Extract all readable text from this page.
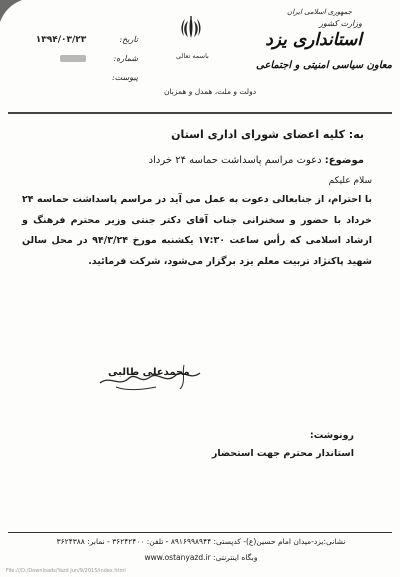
جمهوری اسلامی ایران
وزارت کشور
استانداری یزد
معاون سیاسی امنیتی و اجتماعی
باسمه تعالی
دولت و ملت، همدل و همزبان
تاریخ:
۱۳۹۴/۰۳/۲۳
شماره:
پیوست:
به: کلیه اعضای شورای اداری استان
موضوع: دعوت مراسم پاسداشت حماسه ۲۴ خرداد
سلام علیکم
با احترام، از جنابعالی دعوت به عمل می آید در مراسم پاسداشت حماسه ۲۴ خرداد با حضور و سخنرانی جناب آقای دکتر جنتی وزیر محترم فرهنگ و ارشاد اسلامی که رأس ساعت ۱۷:۳۰ یکشنبه مورخ ۹۴/۳/۲۴ در محل سالن شهید پاکنژاد تربیت معلم یزد برگزار می‌شود، شرکت فرمائید.
محمدعلی طالبی
رونوشت:
استاندار محترم جهت استحضار
نشانی:یزد-میدان امام حسین(ع)- کدپستی: ۸۹۱۶۹۹۸۹۴۴ - تلفن: ۳۶۲۴۲۴۰۰ - نمابر: ۳۶۲۴۳۸۸
وبگاه اینترنتی: www.ostanyazd.ir
File:///D:/Downloads/Yazd Jun/9/2015/index.html
